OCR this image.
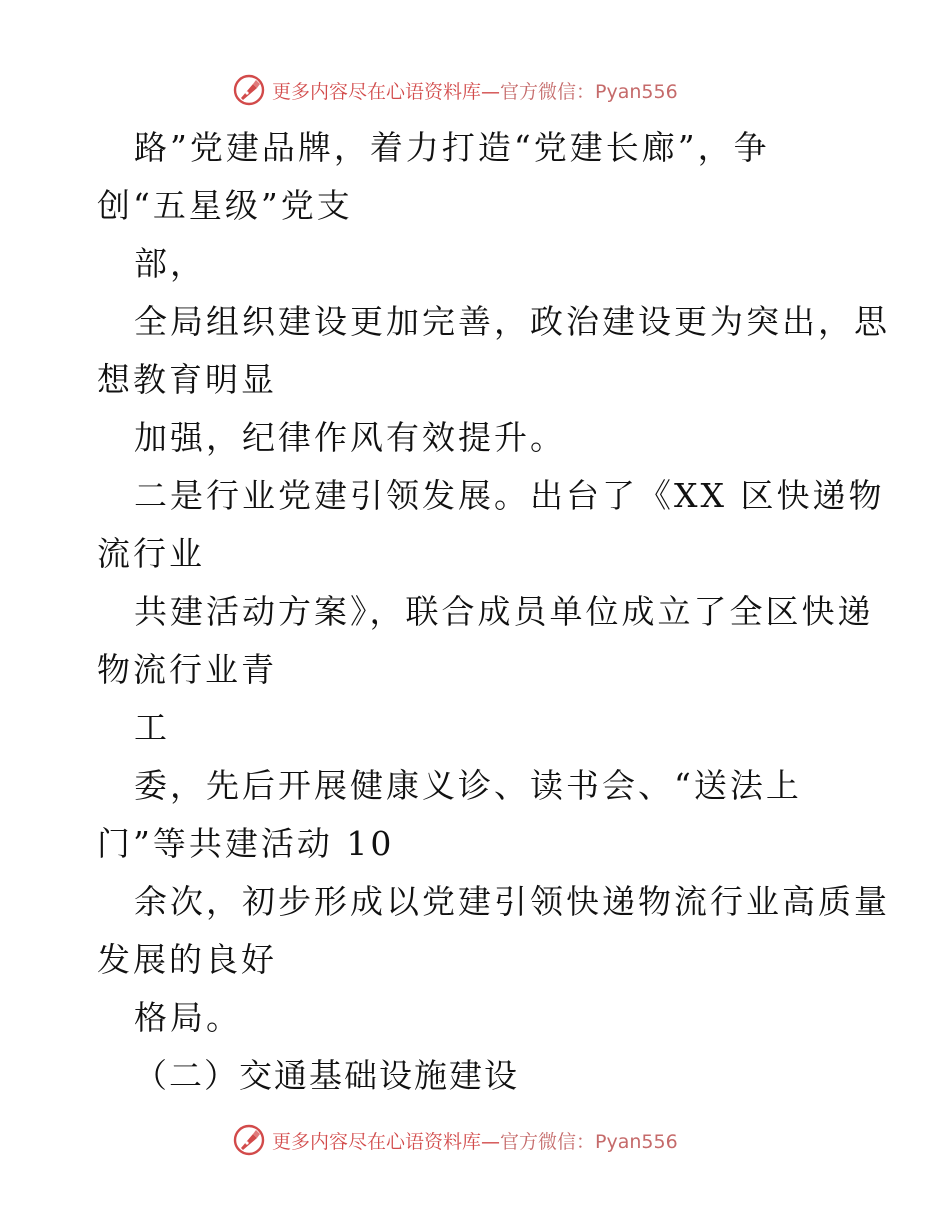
更多内容尽在心语资料库—官方微信：Pyan556
路”党建品牌，着力打造“党建长廊”，争
创“五星级”党支
部，
全局组织建设更加完善，政治建设更为突出，思
想教育明显
加强，纪律作风有效提升。
二是行业党建引领发展。出台了《XX 区快递物
流行业
共建活动方案》，联合成员单位成立了全区快递
物流行业青
工
委，先后开展健康义诊、读书会、“送法上
门”等共建活动 10
余次，初步形成以党建引领快递物流行业高质量
发展的良好
格局。
（二）交通基础设施建设
更多内容尽在心语资料库—官方微信：Pyan556
